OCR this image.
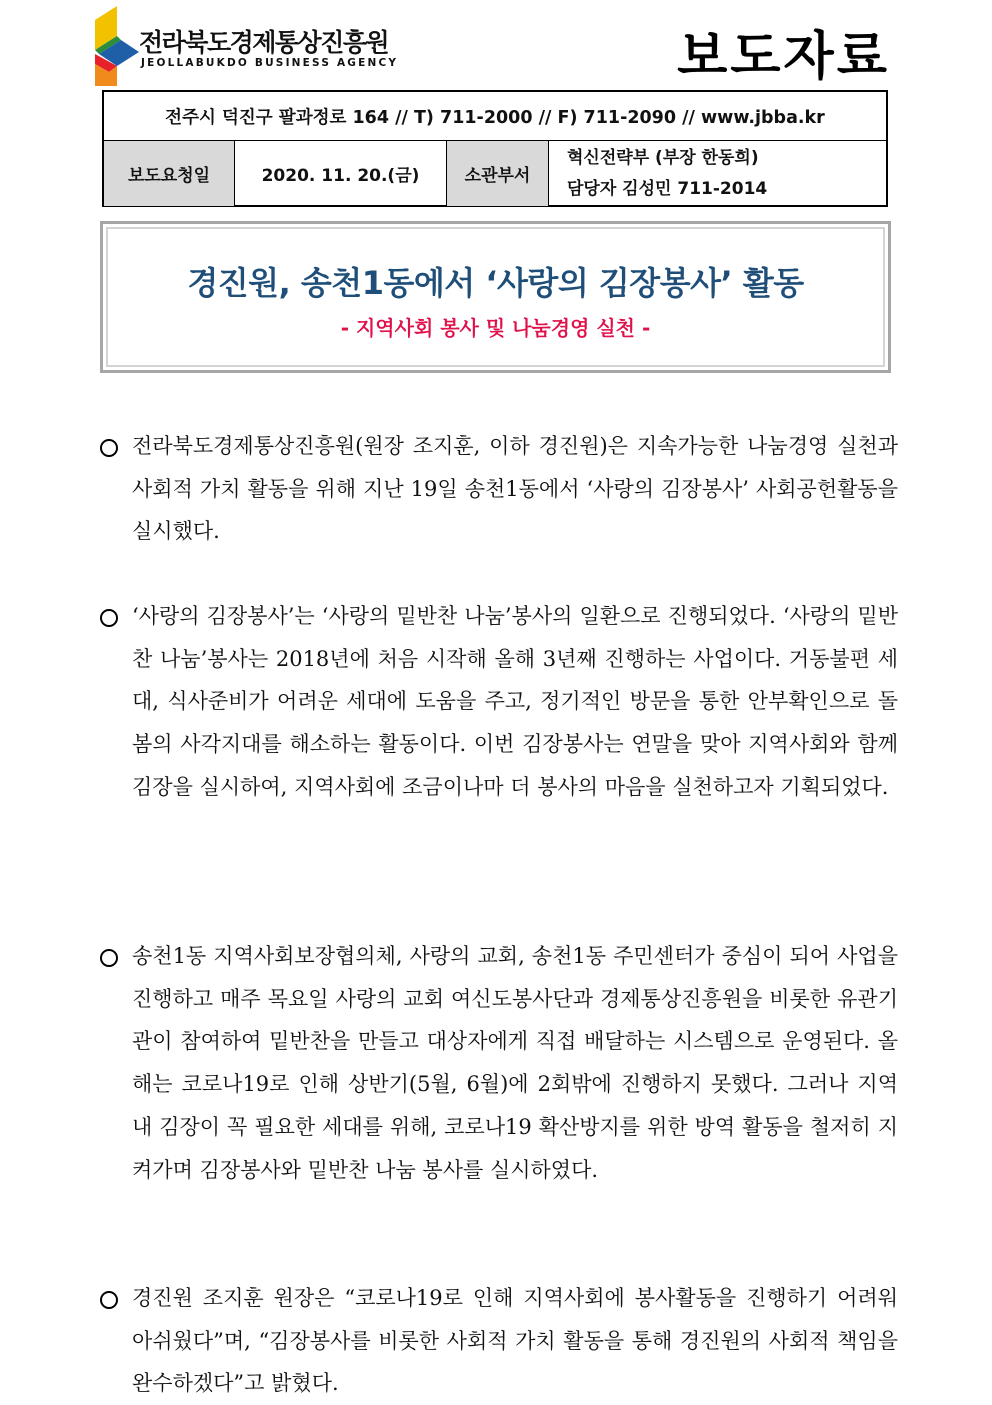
전라북도경제통상진흥원
JEOLLABUKDO BUSINESS AGENCY	보도자료
전주시 덕진구 팔과정로 164 // T) 711-2000 // F) 711-2090 // www.jbba.kr
보도요청일	2020. 11. 20.(금)	소관부서
혁신전략부 (부장 한동희)
담당자 김성민 711-2014
경진원, 송천1동에서 ‘사랑의 김장봉사’ 활동
- 지역사회 봉사 및 나눔경영 실천 -
전라북도경제통상진흥원(원장 조지훈, 이하 경진원)은 지속가능한 나눔경영 실천과 사회적 가치 활동을 위해 지난 19일 송천1동에서 ‘사랑의 김장봉사’ 사회공헌활동을 실시했다.
‘사랑의 김장봉사’는 ‘사랑의 밑반찬 나눔’봉사의 일환으로 진행되었다. ‘사랑의 밑반찬 나눔’봉사는 2018년에 처음 시작해 올해 3년째 진행하는 사업이다. 거동불편 세대, 식사준비가 어려운 세대에 도움을 주고, 정기적인 방문을 통한 안부확인으로 돌봄의 사각지대를 해소하는 활동이다. 이번 김장봉사는 연말을 맞아 지역사회와 함께 김장을 실시하여, 지역사회에 조금이나마 더 봉사의 마음을 실천하고자 기획되었다.
송천1동 지역사회보장협의체, 사랑의 교회, 송천1동 주민센터가 중심이 되어 사업을 진행하고 매주 목요일 사랑의 교회 여신도봉사단과 경제통상진흥원을 비롯한 유관기관이 참여하여 밑반찬을 만들고 대상자에게 직접 배달하는 시스템으로 운영된다. 올해는 코로나19로 인해 상반기(5월, 6월)에 2회밖에 진행하지 못했다. 그러나 지역 내 김장이 꼭 필요한 세대를 위해, 코로나19 확산방지를 위한 방역 활동을 철저히 지켜가며 김장봉사와 밑반찬 나눔 봉사를 실시하였다.
경진원 조지훈 원장은 “코로나19로 인해 지역사회에 봉사활동을 진행하기 어려워 아쉬웠다”며, “김장봉사를 비롯한 사회적 가치 활동을 통해 경진원의 사회적 책임을 완수하겠다”고 밝혔다.
